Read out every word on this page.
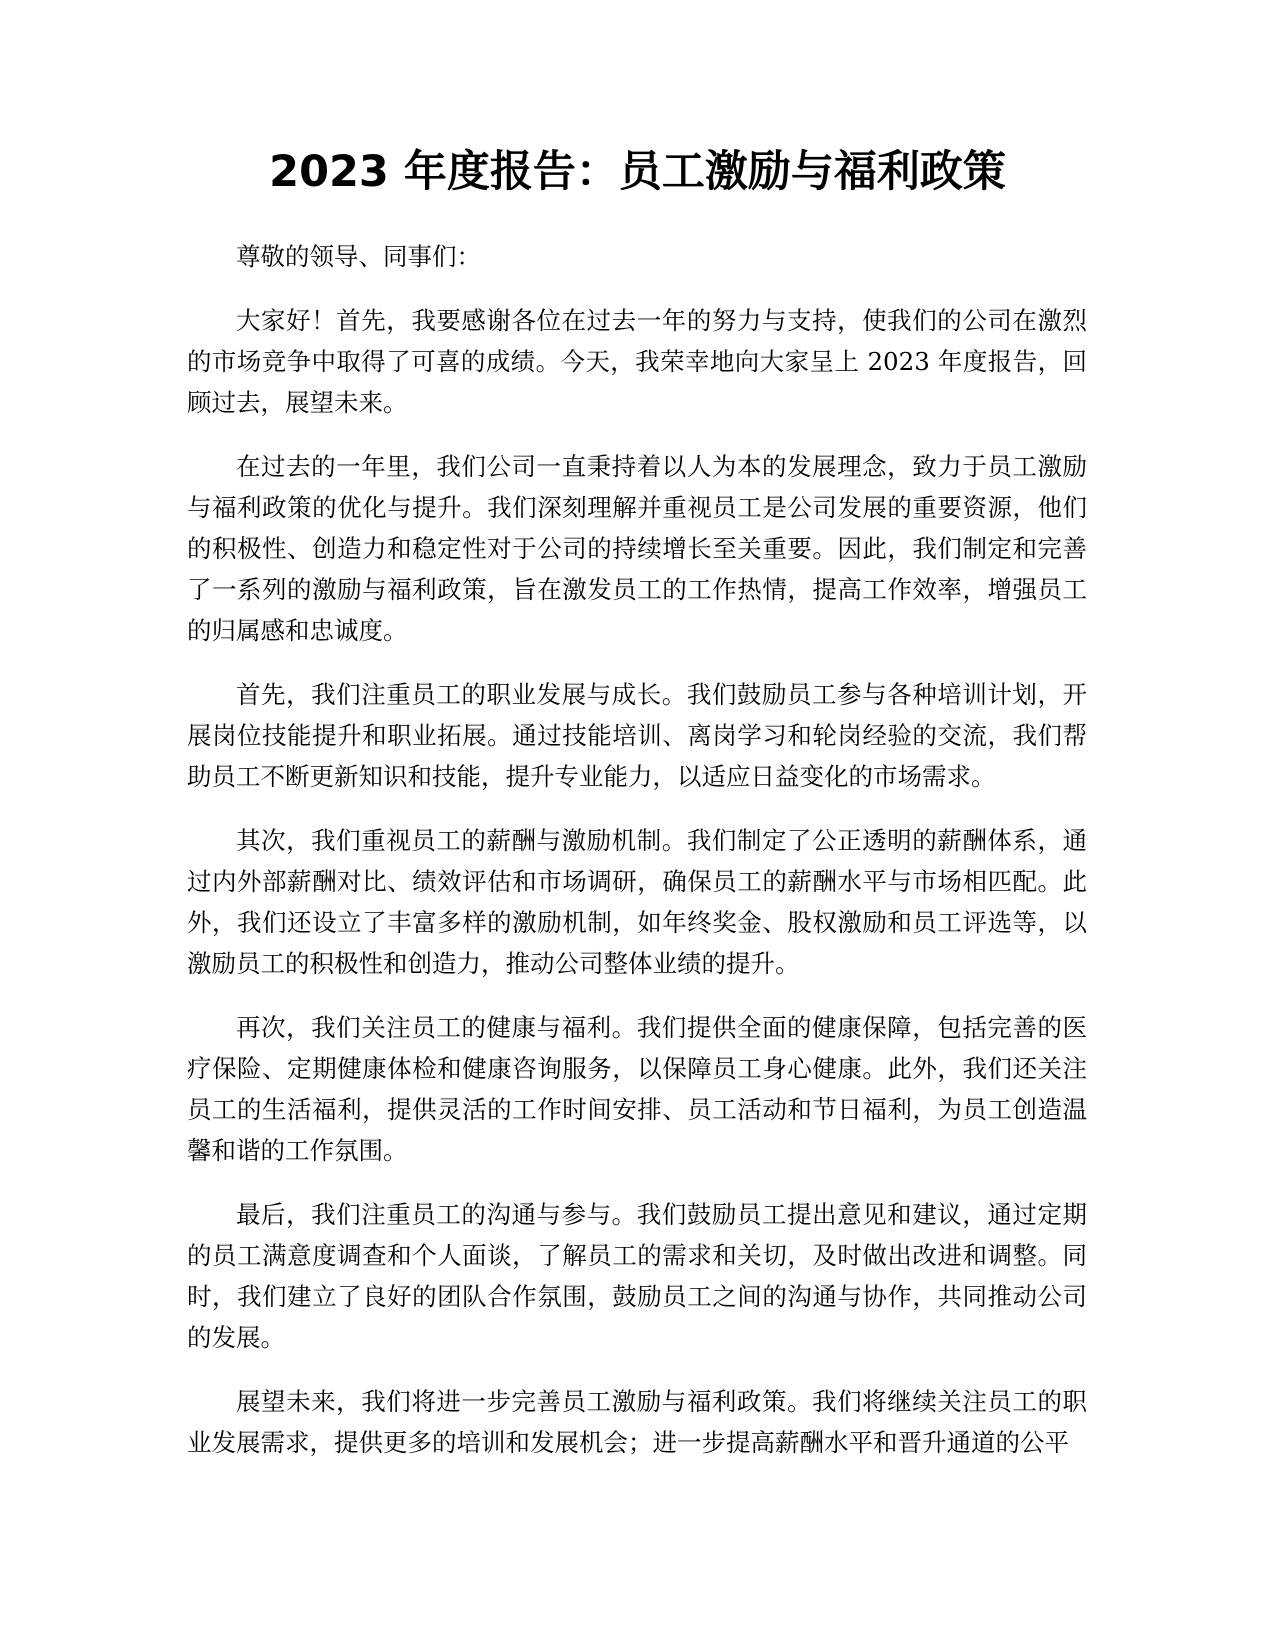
2023 年度报告：员工激励与福利政策

尊敬的领导、同事们：

大家好！首先，我要感谢各位在过去一年的努力与支持，使我们的公司在激烈的市场竞争中取得了可喜的成绩。今天，我荣幸地向大家呈上 2023 年度报告，回顾过去，展望未来。

在过去的一年里，我们公司一直秉持着以人为本的发展理念，致力于员工激励与福利政策的优化与提升。我们深刻理解并重视员工是公司发展的重要资源，他们的积极性、创造力和稳定性对于公司的持续增长至关重要。因此，我们制定和完善了一系列的激励与福利政策，旨在激发员工的工作热情，提高工作效率，增强员工的归属感和忠诚度。

首先，我们注重员工的职业发展与成长。我们鼓励员工参与各种培训计划，开展岗位技能提升和职业拓展。通过技能培训、离岗学习和轮岗经验的交流，我们帮助员工不断更新知识和技能，提升专业能力，以适应日益变化的市场需求。

其次，我们重视员工的薪酬与激励机制。我们制定了公正透明的薪酬体系，通过内外部薪酬对比、绩效评估和市场调研，确保员工的薪酬水平与市场相匹配。此外，我们还设立了丰富多样的激励机制，如年终奖金、股权激励和员工评选等，以激励员工的积极性和创造力，推动公司整体业绩的提升。

再次，我们关注员工的健康与福利。我们提供全面的健康保障，包括完善的医疗保险、定期健康体检和健康咨询服务，以保障员工身心健康。此外，我们还关注员工的生活福利，提供灵活的工作时间安排、员工活动和节日福利，为员工创造温馨和谐的工作氛围。

最后，我们注重员工的沟通与参与。我们鼓励员工提出意见和建议，通过定期的员工满意度调查和个人面谈，了解员工的需求和关切，及时做出改进和调整。同时，我们建立了良好的团队合作氛围，鼓励员工之间的沟通与协作，共同推动公司的发展。

展望未来，我们将进一步完善员工激励与福利政策。我们将继续关注员工的职业发展需求，提供更多的培训和发展机会；进一步提高薪酬水平和晋升通道的公平
